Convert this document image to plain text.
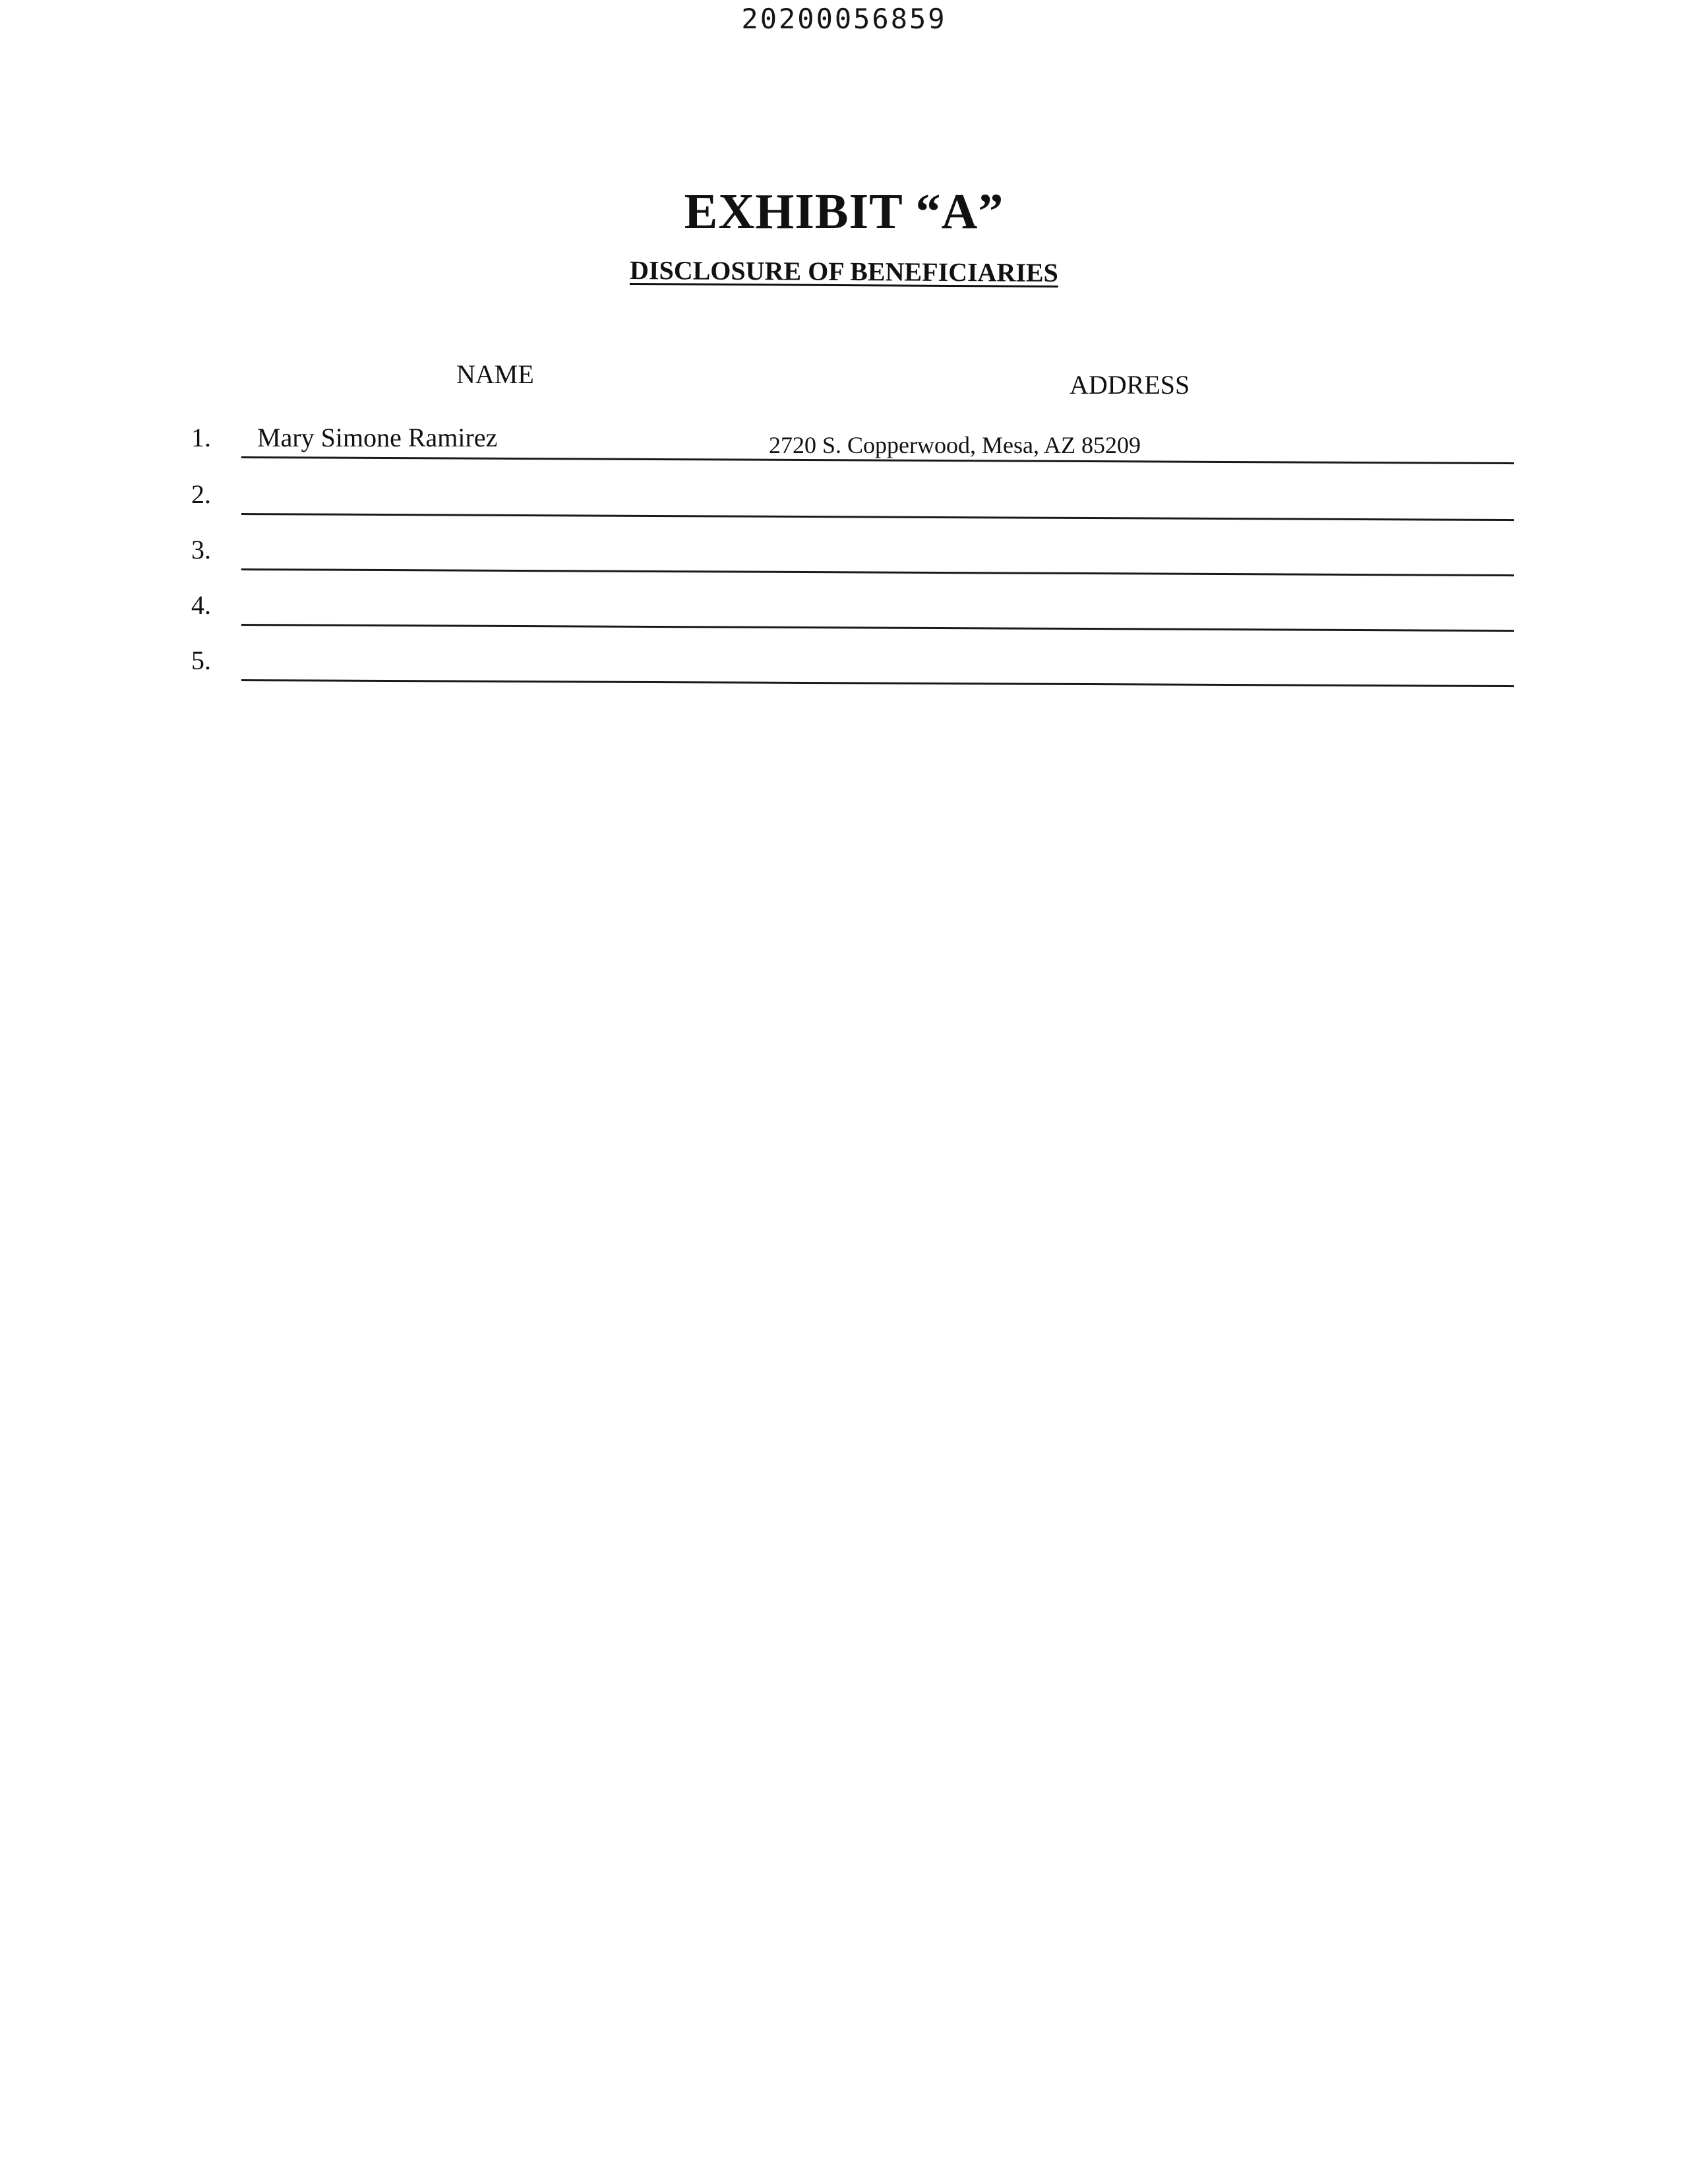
20200056859
EXHIBIT “A”
DISCLOSURE OF BENEFICIARIES
NAME	ADDRESS
1. Mary Simone Ramirez	2720 S. Copperwood, Mesa, AZ 85209
2.
3.
4.
5.
